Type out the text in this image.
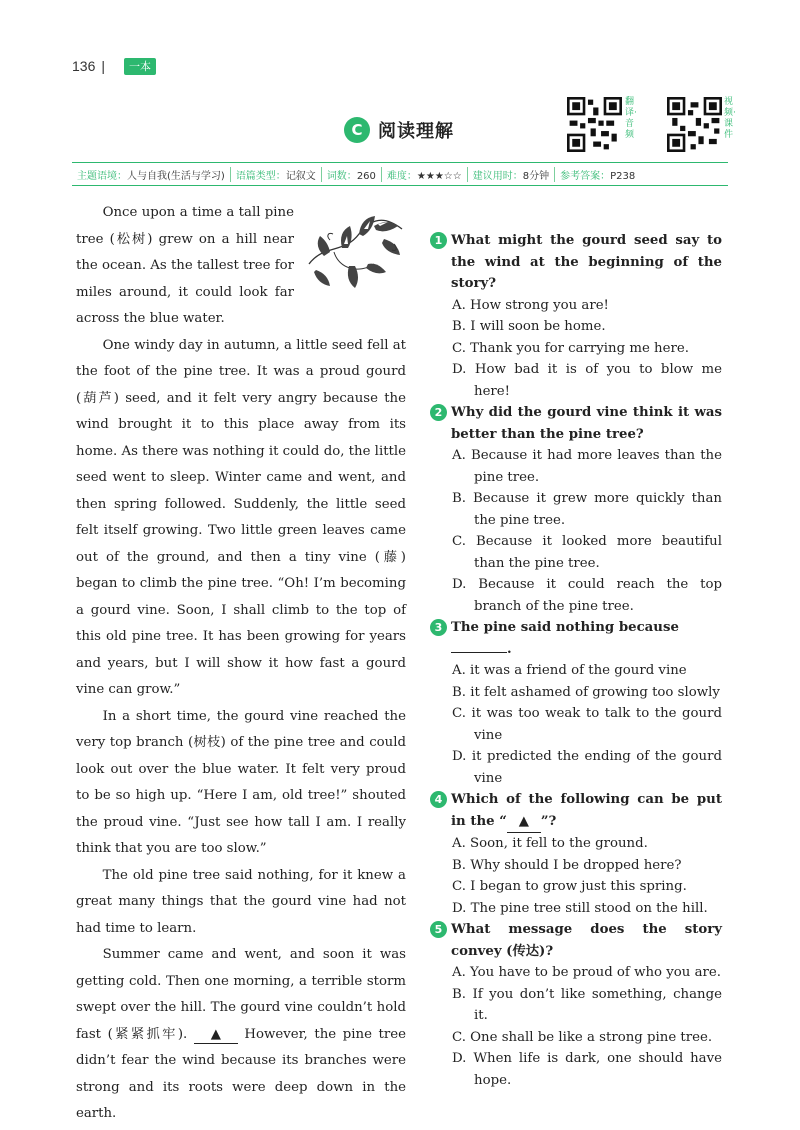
136 |	一本
C 阅读理解
翻译·音频
视频·课件
主题语境：人与自我(生活与学习)	语篇类型：记叙文	词数：260	难度：★★★☆☆	建议用时：8分钟	参考答案：P238

Once upon a time a tall pine tree (松树) grew on a hill near the ocean. As the tallest tree for miles around, it could look far across the blue water.

One windy day in autumn, a little seed fell at the foot of the pine tree. It was a proud gourd (葫芦) seed, and it felt very angry because the wind brought it to this place away from its home. As there was nothing it could do, the little seed went to sleep. Winter came and went, and then spring followed. Suddenly, the little seed felt itself growing. Two little green leaves came out of the ground, and then a tiny vine (藤) began to climb the pine tree. “Oh! I’m becoming a gourd vine. Soon, I shall climb to the top of this old pine tree. It has been growing for years and years, but I will show it how fast a gourd vine can grow.”

In a short time, the gourd vine reached the very top branch (树枝) of the pine tree and could look out over the blue water. It felt very proud to be so high up. “Here I am, old tree!” shouted the proud vine. “Just see how tall I am. I really think that you are too slow.”

The old pine tree said nothing, for it knew a great many things that the gourd vine had not had time to learn.

Summer came and went, and soon it was getting cold. Then one morning, a terrible storm swept over the hill. The gourd vine couldn’t hold fast (紧紧抓牢). ▲ However, the pine tree didn’t fear the wind because its branches were strong and its roots were deep down in the earth.

1 What might the gourd seed say to the wind at the beginning of the story?
A. How strong you are!
B. I will soon be home.
C. Thank you for carrying me here.
D. How bad it is of you to blow me here!
2 Why did the gourd vine think it was better than the pine tree?
A. Because it had more leaves than the pine tree.
B. Because it grew more quickly than the pine tree.
C. Because it looked more beautiful than the pine tree.
D. Because it could reach the top branch of the pine tree.
3 The pine said nothing because
.
A. it was a friend of the gourd vine
B. it felt ashamed of growing too slowly
C. it was too weak to talk to the gourd vine
D. it predicted the ending of the gourd vine
4 Which of the following can be put in the “ ▲ ”?
A. Soon, it fell to the ground.
B. Why should I be dropped here?
C. I began to grow just this spring.
D. The pine tree still stood on the hill.
5 What message does the story convey (传达)?
A. You have to be proud of who you are.
B. If you don’t like something, change it.
C. One shall be like a strong pine tree.
D. When life is dark, one should have hope.
